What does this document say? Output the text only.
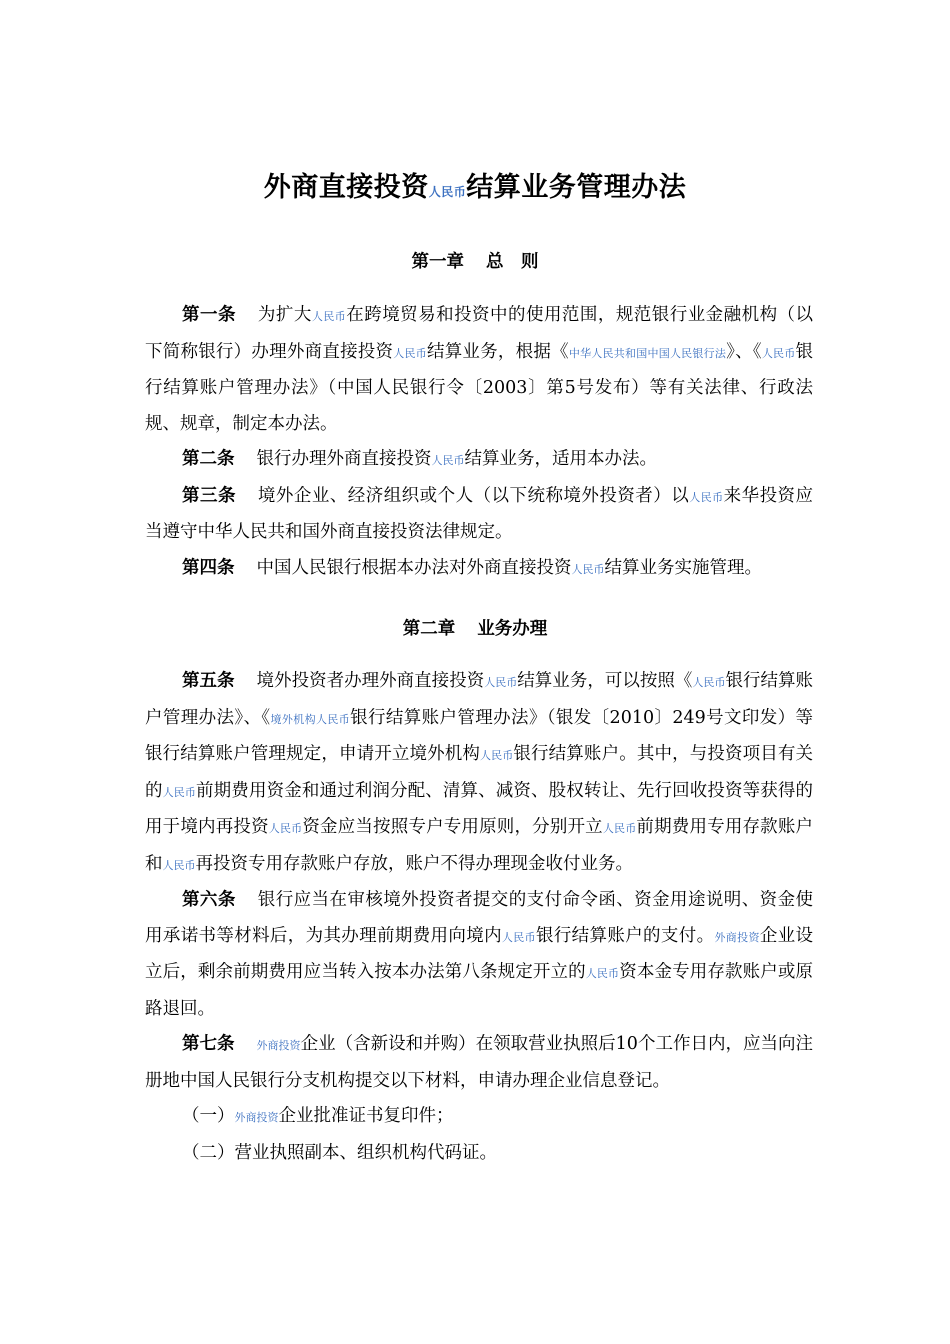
外商直接投资人民币结算业务管理办法
第一章 总　则

第一条 为扩大人民币在跨境贸易和投资中的使用范围，规范银行业金融机构（以下简称银行）办理外商直接投资人民币结算业务，根据《中华人民共和国中国人民银行法》、《人民币银行结算账户管理办法》（中国人民银行令〔2003〕第5号发布）等有关法律、行政法规、规章，制定本办法。

第二条 银行办理外商直接投资人民币结算业务，适用本办法。

第三条 境外企业、经济组织或个人（以下统称境外投资者）以人民币来华投资应当遵守中华人民共和国外商直接投资法律规定。

第四条 中国人民银行根据本办法对外商直接投资人民币结算业务实施管理。

第二章 业务办理

第五条 境外投资者办理外商直接投资人民币结算业务，可以按照《人民币银行结算账户管理办法》、《境外机构人民币银行结算账户管理办法》（银发〔2010〕249号文印发）等银行结算账户管理规定，申请开立境外机构人民币银行结算账户。其中，与投资项目有关的人民币前期费用资金和通过利润分配、清算、减资、股权转让、先行回收投资等获得的用于境内再投资人民币资金应当按照专户专用原则，分别开立人民币前期费用专用存款账户和人民币再投资专用存款账户存放，账户不得办理现金收付业务。

第六条 银行应当在审核境外投资者提交的支付命令函、资金用途说明、资金使用承诺书等材料后，为其办理前期费用向境内人民币银行结算账户的支付。外商投资企业设立后，剩余前期费用应当转入按本办法第八条规定开立的人民币资本金专用存款账户或原路退回。

第七条 外商投资企业（含新设和并购）在领取营业执照后10个工作日内，应当向注册地中国人民银行分支机构提交以下材料，申请办理企业信息登记。

（一）外商投资企业批准证书复印件；

（二）营业执照副本、组织机构代码证。
